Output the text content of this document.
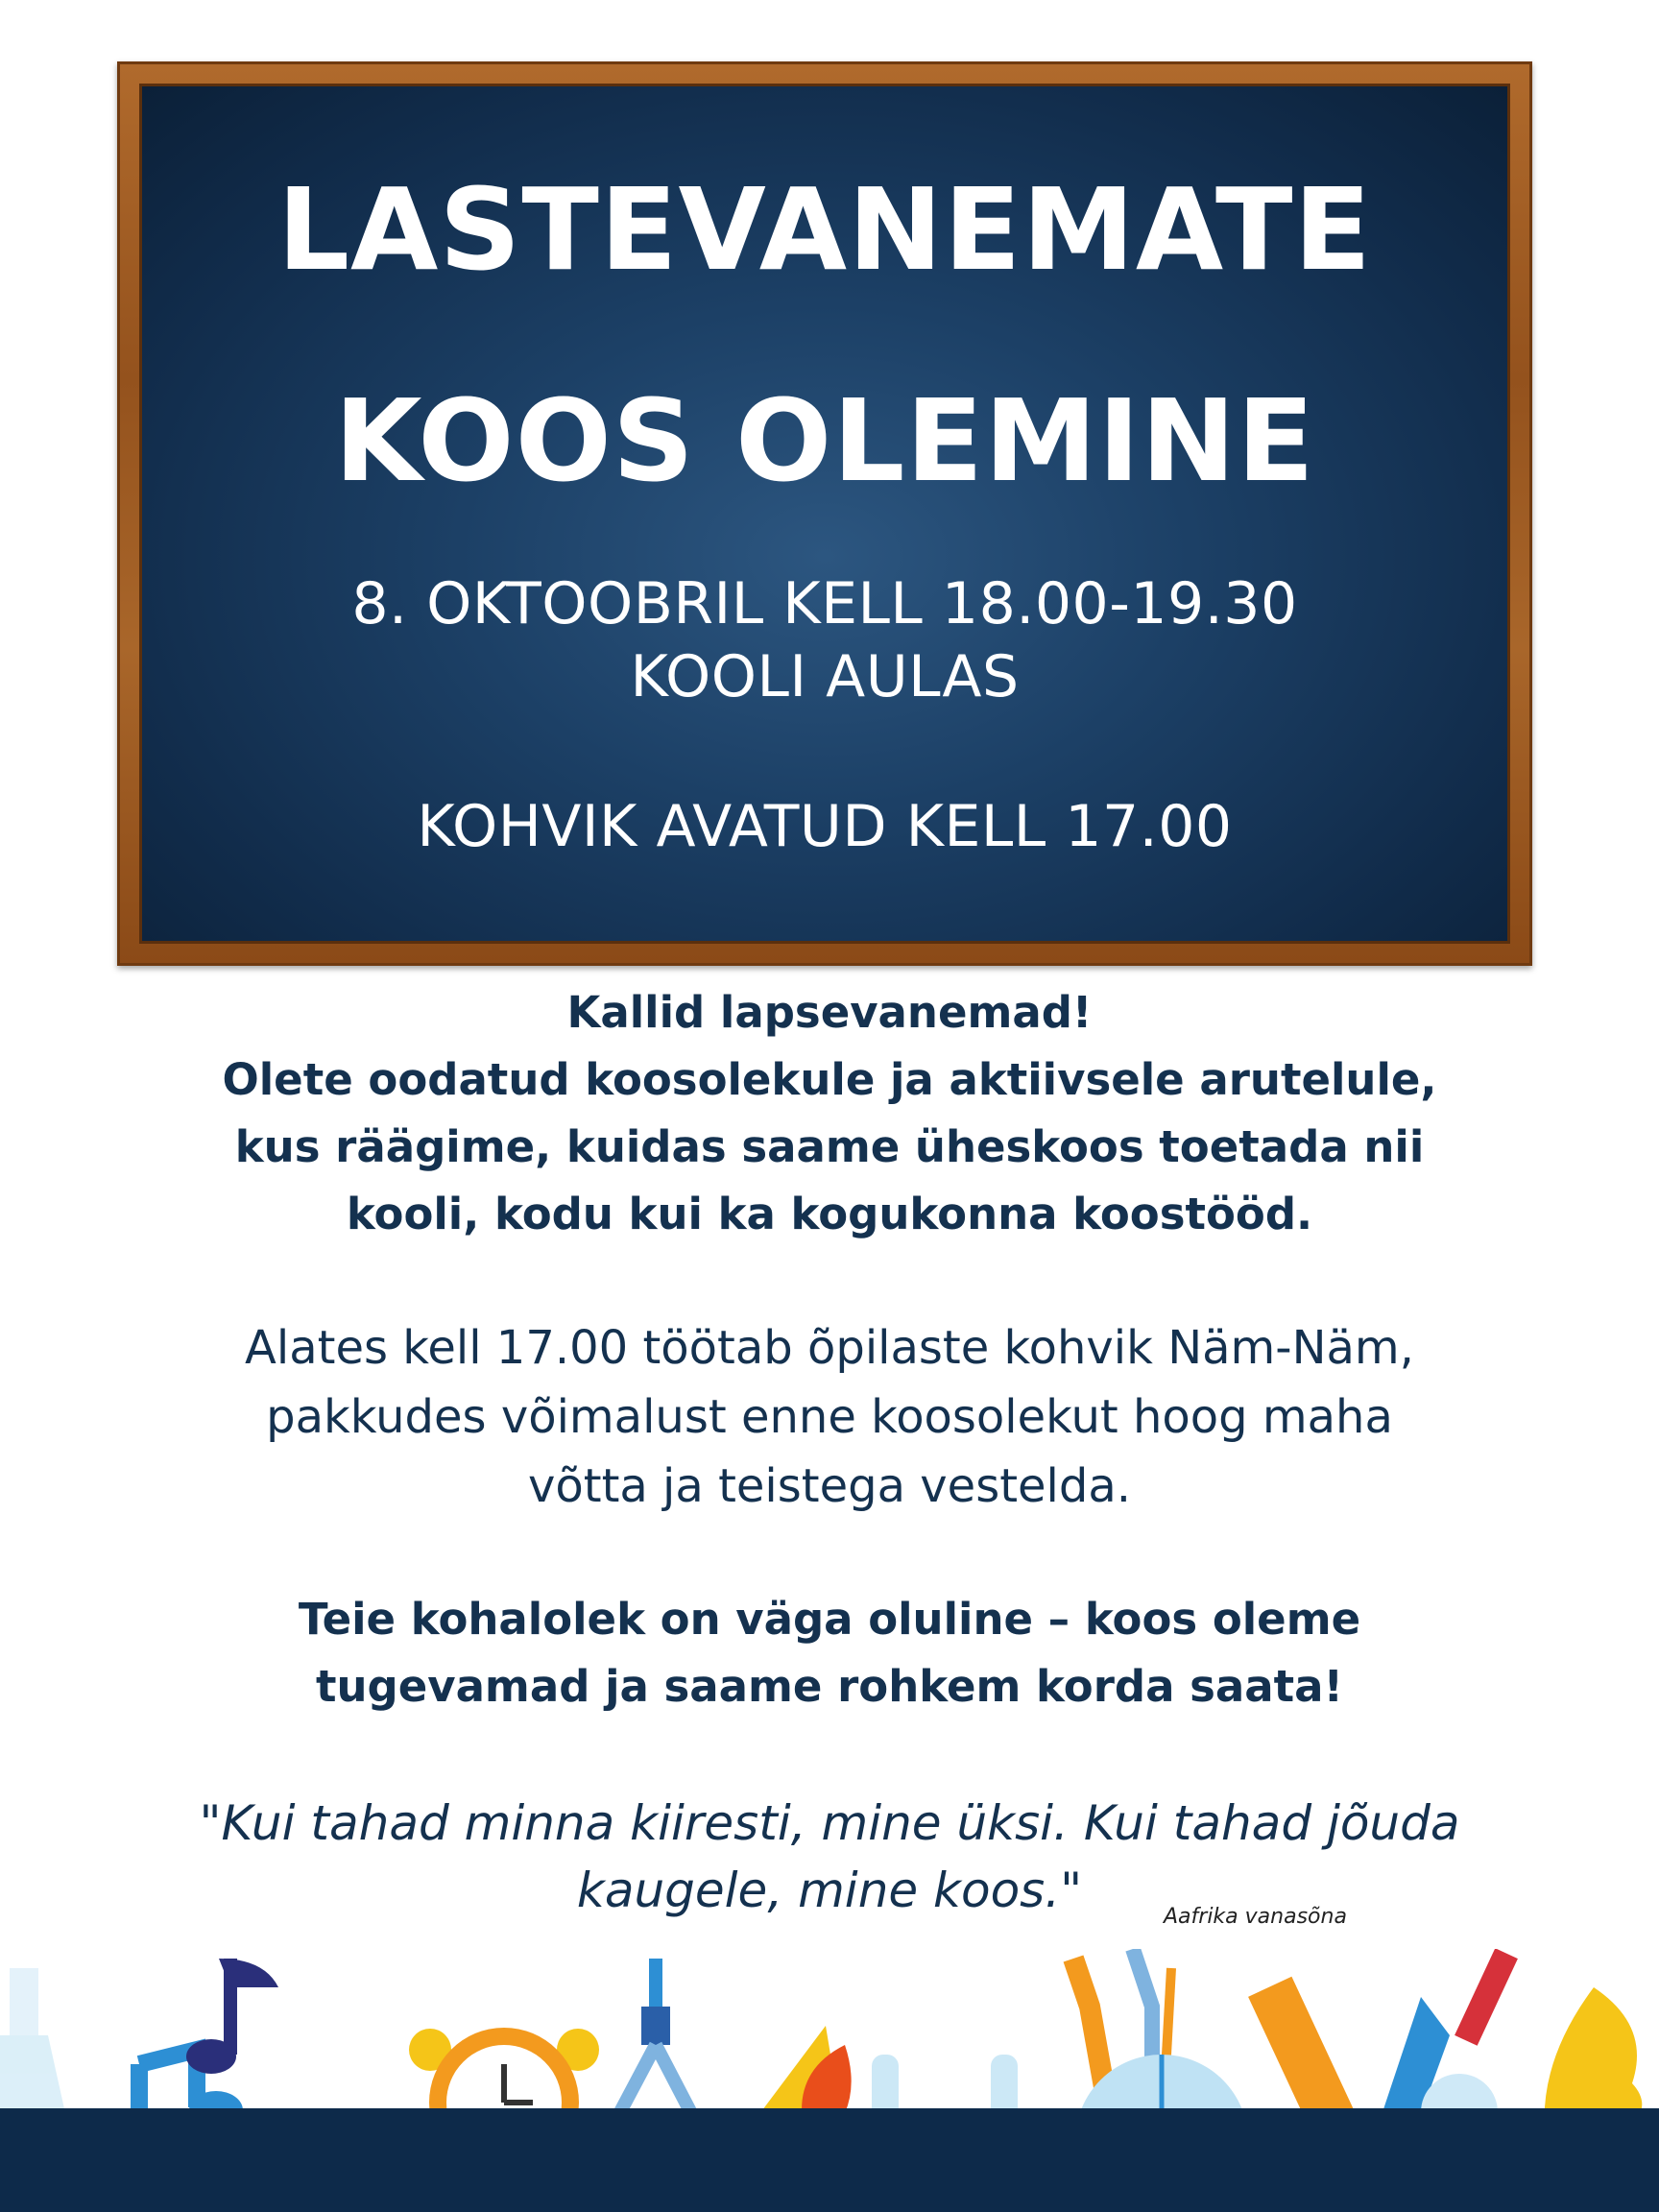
LASTEVANEMATE
KOOS OLEMINE
8. OKTOOBRIL KELL 18.00-19.30
KOOLI AULAS
KOHVIK AVATUD KELL 17.00
Kallid lapsevanemad!
Olete oodatud koosolekule ja aktiivsele arutelule,
kus räägime, kuidas saame üheskoos toetada nii
kooli, kodu kui ka kogukonna koostööd.
Alates kell 17.00 töötab õpilaste kohvik Näm-Näm,
pakkudes võimalust enne koosolekut hoog maha
võtta ja teistega vestelda.
Teie kohalolek on väga oluline – koos oleme
tugevamad ja saame rohkem korda saata!
"Kui tahad minna kiiresti, mine üksi. Kui tahad jõuda
kaugele, mine koos."	Aafrika vanasõna
